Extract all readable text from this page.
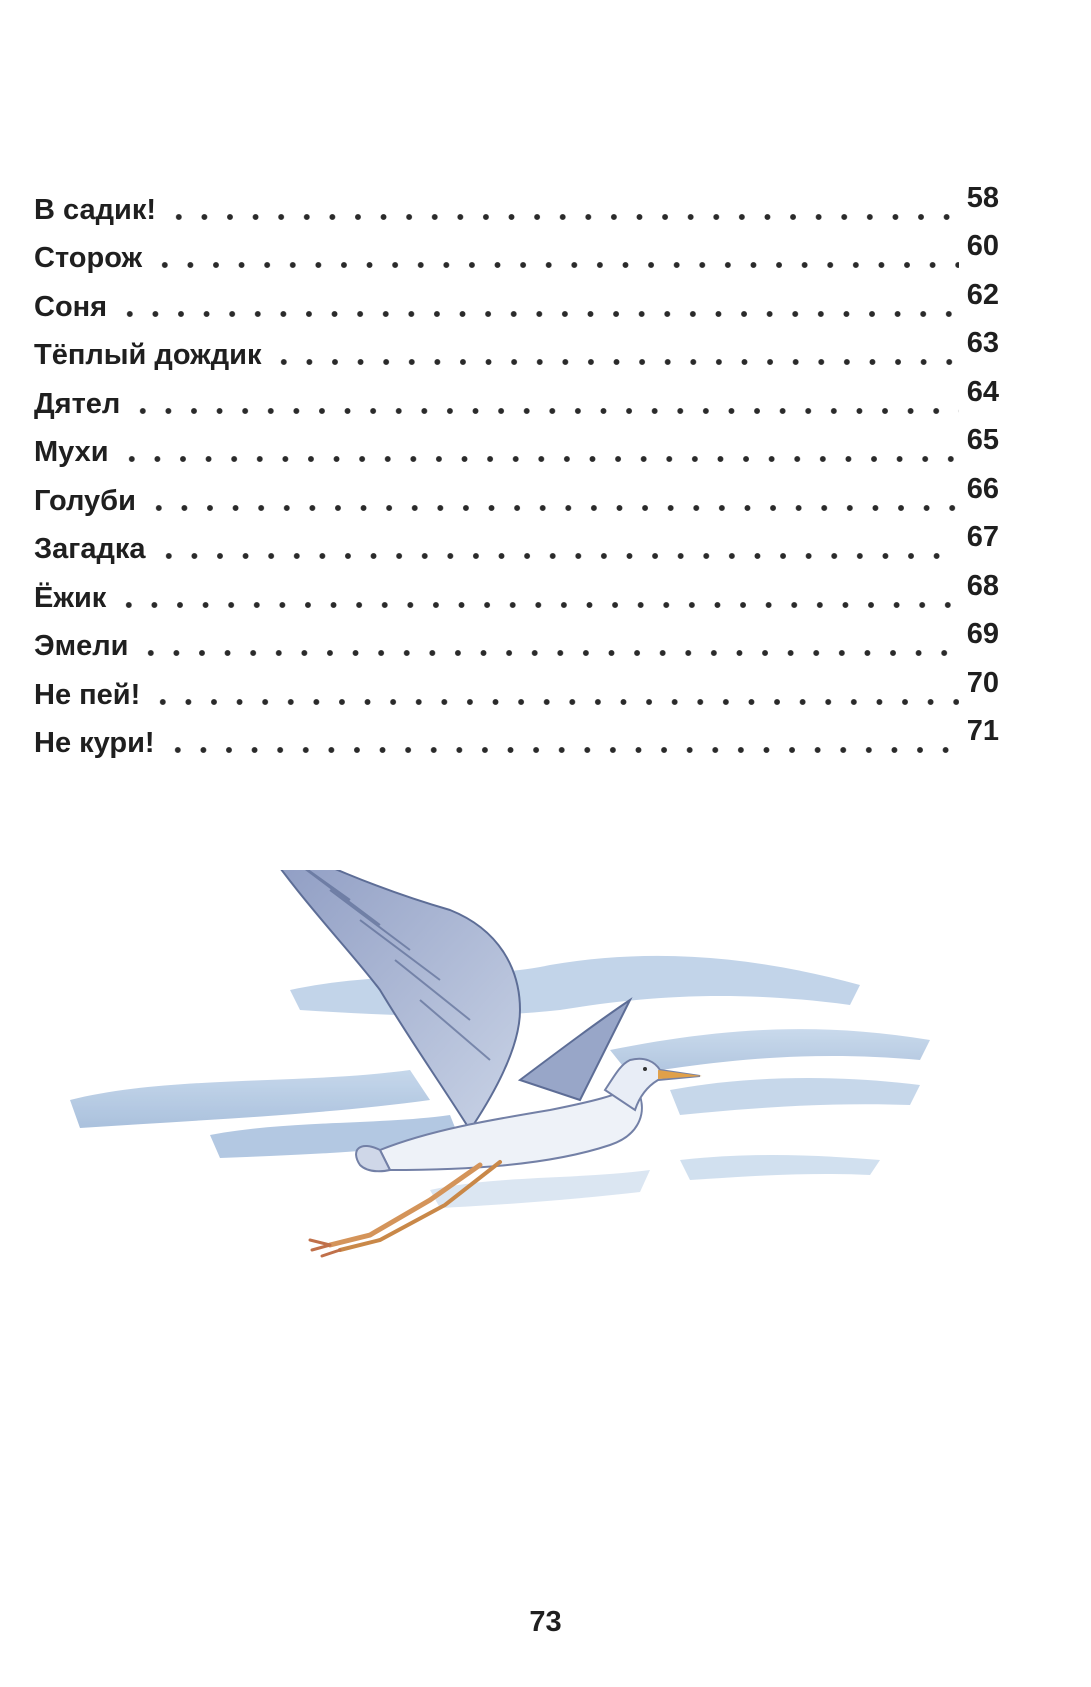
В садик!	58
Сторож	60
Соня	62
Тёплый дождик	63
Дятел	64
Мухи	65
Голуби	66
Загадка	67
Ёжик	68
Эмели	69
Не пей!	70
Не кури!	71
73
